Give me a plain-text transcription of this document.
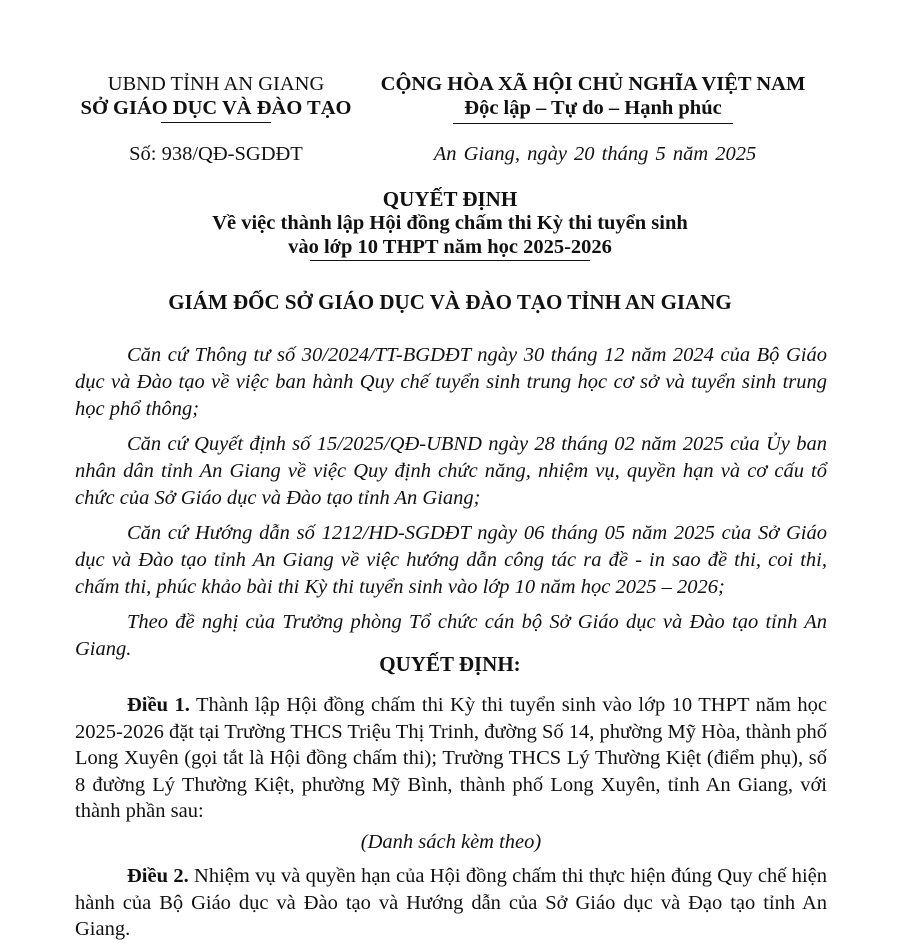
UBND TỈNH AN GIANG
SỞ GIÁO DỤC VÀ ĐÀO TẠO
CỘNG HÒA XÃ HỘI CHỦ NGHĨA VIỆT NAM
Độc lập – Tự do – Hạnh phúc
Số: 938/QĐ-SGDĐT	An Giang, ngày 20 tháng 5 năm 2025
QUYẾT ĐỊNH
Về việc thành lập Hội đồng chấm thi Kỳ thi tuyển sinh
vào lớp 10 THPT năm học 2025-2026
GIÁM ĐỐC SỞ GIÁO DỤC VÀ ĐÀO TẠO TỈNH AN GIANG

Căn cứ Thông tư số 30/2024/TT-BGDĐT ngày 30 tháng 12 năm 2024 của Bộ Giáo dục và Đào tạo về việc ban hành Quy chế tuyển sinh trung học cơ sở và tuyển sinh trung học phổ thông;

Căn cứ Quyết định số 15/2025/QĐ-UBND ngày 28 tháng 02 năm 2025 của Ủy ban nhân dân tỉnh An Giang về việc Quy định chức năng, nhiệm vụ, quyền hạn và cơ cấu tổ chức của Sở Giáo dục và Đào tạo tỉnh An Giang;

Căn cứ Hướng dẫn số 1212/HD-SGDĐT ngày 06 tháng 05 năm 2025 của Sở Giáo dục và Đào tạo tỉnh An Giang về việc hướng dẫn công tác ra đề - in sao đề thi, coi thi, chấm thi, phúc khảo bài thi Kỳ thi tuyển sinh vào lớp 10 năm học 2025 – 2026;

Theo đề nghị của Trưởng phòng Tổ chức cán bộ Sở Giáo dục và Đào tạo tỉnh An Giang.

QUYẾT ĐỊNH:

Điều 1. Thành lập Hội đồng chấm thi Kỳ thi tuyển sinh vào lớp 10 THPT năm học 2025-2026 đặt tại Trường THCS Triệu Thị Trinh, đường Số 14, phường Mỹ Hòa, thành phố Long Xuyên (gọi tắt là Hội đồng chấm thi); Trường THCS Lý Thường Kiệt (điểm phụ), số 8 đường Lý Thường Kiệt, phường Mỹ Bình, thành phố Long Xuyên, tỉnh An Giang, với thành phần sau:

(Danh sách kèm theo)

Điều 2. Nhiệm vụ và quyền hạn của Hội đồng chấm thi thực hiện đúng Quy chế hiện hành của Bộ Giáo dục và Đào tạo và Hướng dẫn của Sở Giáo dục và Đạo tạo tỉnh An Giang.
